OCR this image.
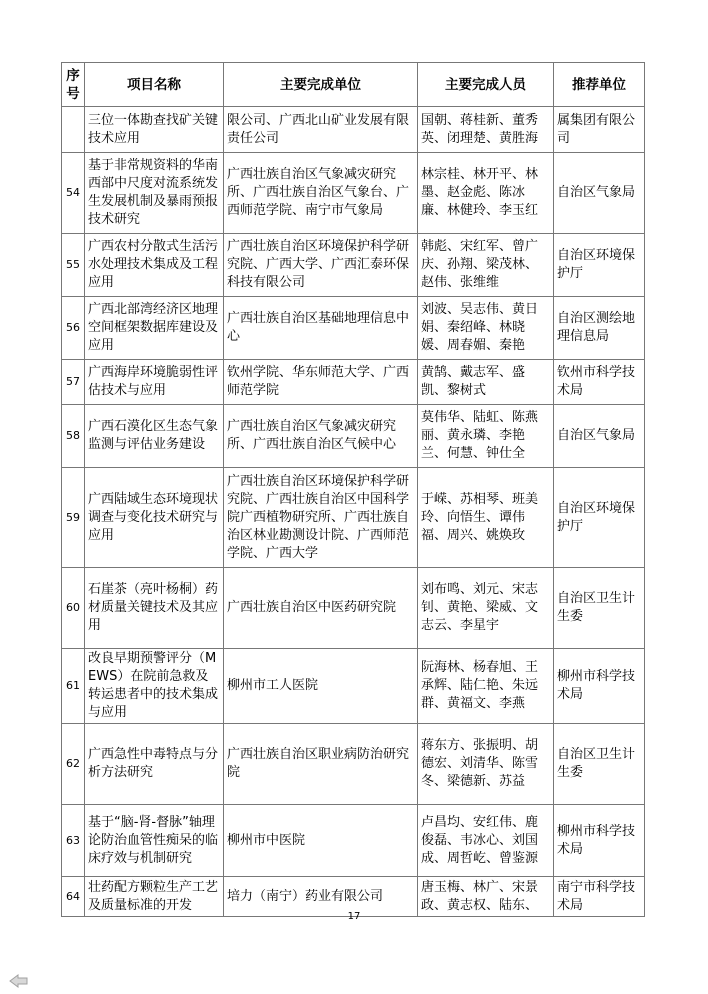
序号	项目名称	主要完成单位	主要完成人员	推荐单位
	三位一体勘查找矿关键技术应用	限公司、广西北山矿业发展有限责任公司	国朝、蒋桂新、董秀英、闭理楚、黄胜海	属集团有限公司
54	基于非常规资料的华南西部中尺度对流系统发生发展机制及暴雨预报技术研究	广西壮族自治区气象减灾研究所、广西壮族自治区气象台、广西师范学院、南宁市气象局	林宗桂、林开平、林墨、赵金彪、陈冰廉、林健玲、李玉红	自治区气象局
55	广西农村分散式生活污水处理技术集成及工程应用	广西壮族自治区环境保护科学研究院、广西大学、广西汇泰环保科技有限公司	韩彪、宋红军、曾广庆、孙翔、梁茂林、赵伟、张维维	自治区环境保护厅
56	广西北部湾经济区地理空间框架数据库建设及应用	广西壮族自治区基础地理信息中心	刘波、吴志伟、黄日娟、秦绍峰、林晓媛、周春媚、秦艳	自治区测绘地理信息局
57	广西海岸环境脆弱性评估技术与应用	钦州学院、华东师范大学、广西师范学院	黄鹄、戴志军、盛凯、黎树式	钦州市科学技术局
58	广西石漠化区生态气象监测与评估业务建设	广西壮族自治区气象减灾研究所、广西壮族自治区气候中心	莫伟华、陆虹、陈燕丽、黄永璘、李艳兰、何慧、钟仕全	自治区气象局
59	广西陆域生态环境现状调查与变化技术研究与应用	广西壮族自治区环境保护科学研究院、广西壮族自治区中国科学院广西植物研究所、广西壮族自治区林业勘测设计院、广西师范学院、广西大学	于嵘、苏相琴、班美玲、向悟生、谭伟福、周兴、姚焕玫	自治区环境保护厅
60	石崖茶（亮叶杨桐）药材质量关键技术及其应用	广西壮族自治区中医药研究院	刘布鸣、刘元、宋志钊、黄艳、梁威、文志云、李星宇	自治区卫生计生委
61	改良早期预警评分（MEWS）在院前急救及转运患者中的技术集成与应用	柳州市工人医院	阮海林、杨春旭、王承辉、陆仁艳、朱远群、黄福文、李燕	柳州市科学技术局
62	广西急性中毒特点与分析方法研究	广西壮族自治区职业病防治研究院	蒋东方、张振明、胡德宏、刘清华、陈雪冬、梁德新、苏益	自治区卫生计生委
63	基于“脑-肾-督脉”轴理论防治血管性痴呆的临床疗效与机制研究	柳州市中医院	卢昌均、安红伟、鹿俊磊、韦冰心、刘国成、周哲屹、曾鉴源	柳州市科学技术局
64	壮药配方颗粒生产工艺及质量标准的开发	培力（南宁）药业有限公司	唐玉梅、林广、宋景政、黄志权、陆东、	南宁市科学技术局
17
